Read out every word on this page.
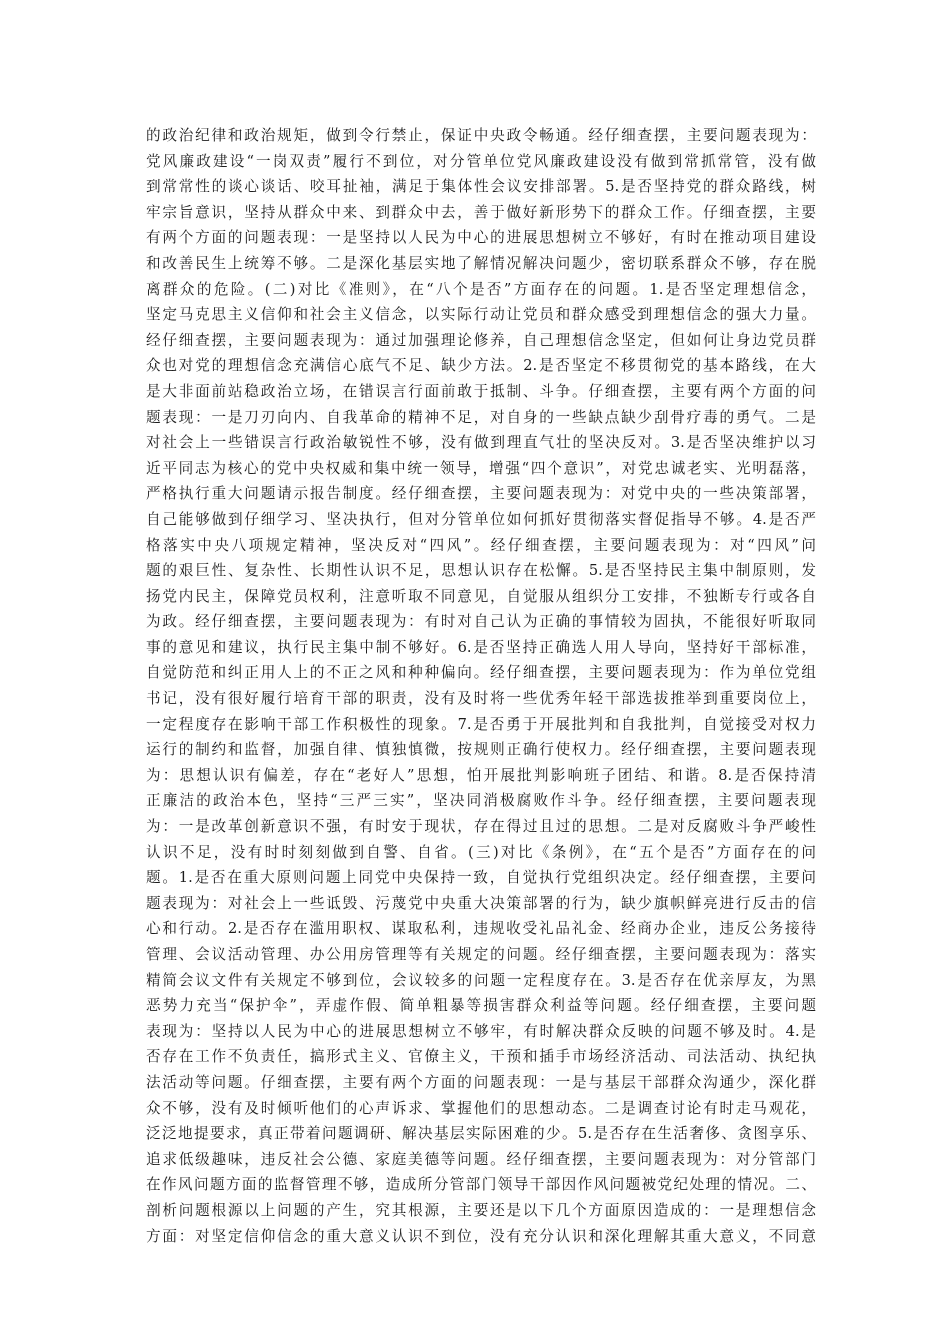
的政治纪律和政治规矩，做到令行禁止，保证中央政令畅通。经仔细查摆，主要问题表现为：
党风廉政建设“一岗双责”履行不到位，对分管单位党风廉政建设没有做到常抓常管，没有做
到常常性的谈心谈话、咬耳扯袖，满足于集体性会议安排部署。5.是否坚持党的群众路线，树
牢宗旨意识，坚持从群众中来、到群众中去，善于做好新形势下的群众工作。仔细查摆，主要
有两个方面的问题表现：一是坚持以人民为中心的进展思想树立不够好，有时在推动项目建设
和改善民生上统筹不够。二是深化基层实地了解情况解决问题少，密切联系群众不够，存在脱
离群众的危险。(二)对比《准则》，在“八个是否”方面存在的问题。1.是否坚定理想信念，
坚定马克思主义信仰和社会主义信念，以实际行动让党员和群众感受到理想信念的强大力量。
经仔细查摆，主要问题表现为：通过加强理论修养，自己理想信念坚定，但如何让身边党员群
众也对党的理想信念充满信心底气不足、缺少方法。2.是否坚定不移贯彻党的基本路线，在大
是大非面前站稳政治立场，在错误言行面前敢于抵制、斗争。仔细查摆，主要有两个方面的问
题表现：一是刀刃向内、自我革命的精神不足，对自身的一些缺点缺少刮骨疗毒的勇气。二是
对社会上一些错误言行政治敏锐性不够，没有做到理直气壮的坚决反对。3.是否坚决维护以习
近平同志为核心的党中央权威和集中统一领导，增强“四个意识”，对党忠诚老实、光明磊落，
严格执行重大问题请示报告制度。经仔细查摆，主要问题表现为：对党中央的一些决策部署，
自己能够做到仔细学习、坚决执行，但对分管单位如何抓好贯彻落实督促指导不够。4.是否严
格落实中央八项规定精神，坚决反对“四风”。经仔细查摆，主要问题表现为：对“四风”问
题的艰巨性、复杂性、长期性认识不足，思想认识存在松懈。5.是否坚持民主集中制原则，发
扬党内民主，保障党员权利，注意听取不同意见，自觉服从组织分工安排，不独断专行或各自
为政。经仔细查摆，主要问题表现为：有时对自己认为正确的事情较为固执，不能很好听取同
事的意见和建议，执行民主集中制不够好。6.是否坚持正确选人用人导向，坚持好干部标准，
自觉防范和纠正用人上的不正之风和种种偏向。经仔细查摆，主要问题表现为：作为单位党组
书记，没有很好履行培育干部的职责，没有及时将一些优秀年轻干部选拔推举到重要岗位上，
一定程度存在影响干部工作积极性的现象。7.是否勇于开展批判和自我批判，自觉接受对权力
运行的制约和监督，加强自律、慎独慎微，按规则正确行使权力。经仔细查摆，主要问题表现
为：思想认识有偏差，存在“老好人”思想，怕开展批判影响班子团结、和谐。8.是否保持清
正廉洁的政治本色，坚持“三严三实”，坚决同消极腐败作斗争。经仔细查摆，主要问题表现
为：一是改革创新意识不强，有时安于现状，存在得过且过的思想。二是对反腐败斗争严峻性
认识不足，没有时时刻刻做到自警、自省。(三)对比《条例》，在“五个是否”方面存在的问
题。1.是否在重大原则问题上同党中央保持一致，自觉执行党组织决定。经仔细查摆，主要问
题表现为：对社会上一些诋毁、污蔑党中央重大决策部署的行为，缺少旗帜鲜亮进行反击的信
心和行动。2.是否存在滥用职权、谋取私利，违规收受礼品礼金、经商办企业，违反公务接待
管理、会议活动管理、办公用房管理等有关规定的问题。经仔细查摆，主要问题表现为：落实
精简会议文件有关规定不够到位，会议较多的问题一定程度存在。3.是否存在优亲厚友，为黑
恶势力充当“保护伞”，弄虚作假、简单粗暴等损害群众利益等问题。经仔细查摆，主要问题
表现为：坚持以人民为中心的进展思想树立不够牢，有时解决群众反映的问题不够及时。4.是
否存在工作不负责任，搞形式主义、官僚主义，干预和插手市场经济活动、司法活动、执纪执
法活动等问题。仔细查摆，主要有两个方面的问题表现：一是与基层干部群众沟通少，深化群
众不够，没有及时倾听他们的心声诉求、掌握他们的思想动态。二是调查讨论有时走马观花，
泛泛地提要求，真正带着问题调研、解决基层实际困难的少。5.是否存在生活奢侈、贪图享乐、
追求低级趣味，违反社会公德、家庭美德等问题。经仔细查摆，主要问题表现为：对分管部门
在作风问题方面的监督管理不够，造成所分管部门领导干部因作风问题被党纪处理的情况。二、
剖析问题根源以上问题的产生，究其根源，主要还是以下几个方面原因造成的：一是理想信念
方面：对坚定信仰信念的重大意义认识不到位，没有充分认识和深化理解其重大意义，不同意
